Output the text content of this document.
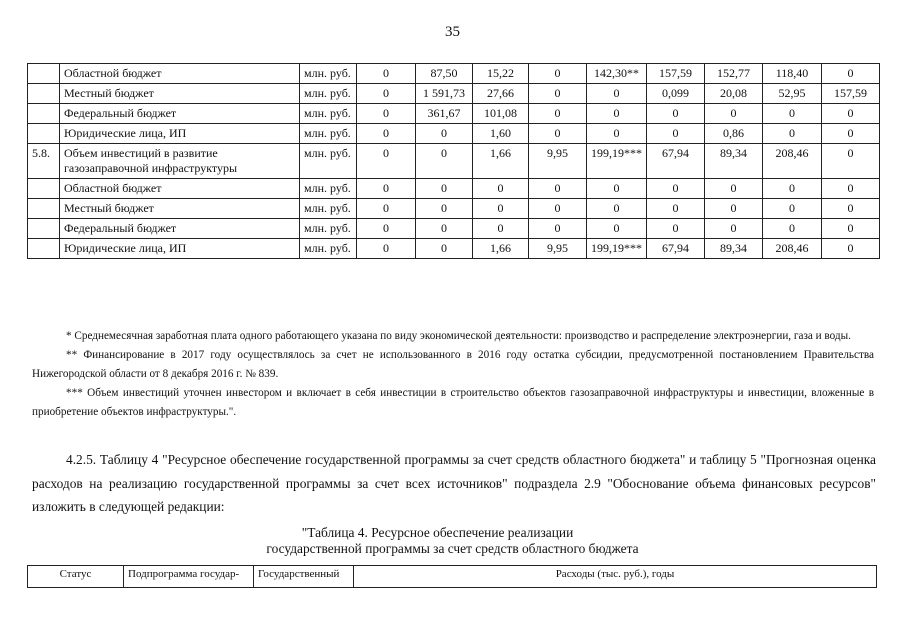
35
	Областной бюджет	млн. руб.	0	87,50	15,22	0	142,30**	157,59	152,77	118,40	0
	Местный бюджет	млн. руб.	0	1 591,73	27,66	0	0	0,099	20,08	52,95	157,59
	Федеральный бюджет	млн. руб.	0	361,67	101,08	0	0	0	0	0	0
	Юридические лица, ИП	млн. руб.	0	0	1,60	0	0	0	0,86	0	0
5.8.	Объем инвестиций в развитие газозаправочной инфраструктуры	млн. руб.	0	0	1,66	9,95	199,19***	67,94	89,34	208,46	0
	Областной бюджет	млн. руб.	0	0	0	0	0	0	0	0	0
	Местный бюджет	млн. руб.	0	0	0	0	0	0	0	0	0
	Федеральный бюджет	млн. руб.	0	0	0	0	0	0	0	0	0
	Юридические лица, ИП	млн. руб.	0	0	1,66	9,95	199,19***	67,94	89,34	208,46	0

* Среднемесячная заработная плата одного работающего указана по виду экономической деятельности: производство и распределение электроэнергии, газа и воды.

** Финансирование в 2017 году осуществлялось за счет не использованного в 2016 году остатка субсидии, предусмотренной постановлением Правительства Нижегородской области от 8 декабря 2016 г. № 839.

*** Объем инвестиций уточнен инвестором и включает в себя инвестиции в строительство объектов газозаправочной инфраструктуры и инвестиции, вложенные в приобретение объектов инфраструктуры.".

4.2.5. Таблицу 4 "Ресурсное обеспечение государственной программы за счет средств областного бюджета" и таблицу 5 "Прогнозная оценка расходов на реализацию государственной программы за счет всех источников" подраздела 2.9 "Обоснование объема финансовых ресурсов" изложить в следующей редакции:

"Таблица 4. Ресурсное обеспечение реализации
государственной программы за счет средств областного бюджета
Статус	Подпрограмма государ-	Государственный	Расходы (тыс. руб.), годы
